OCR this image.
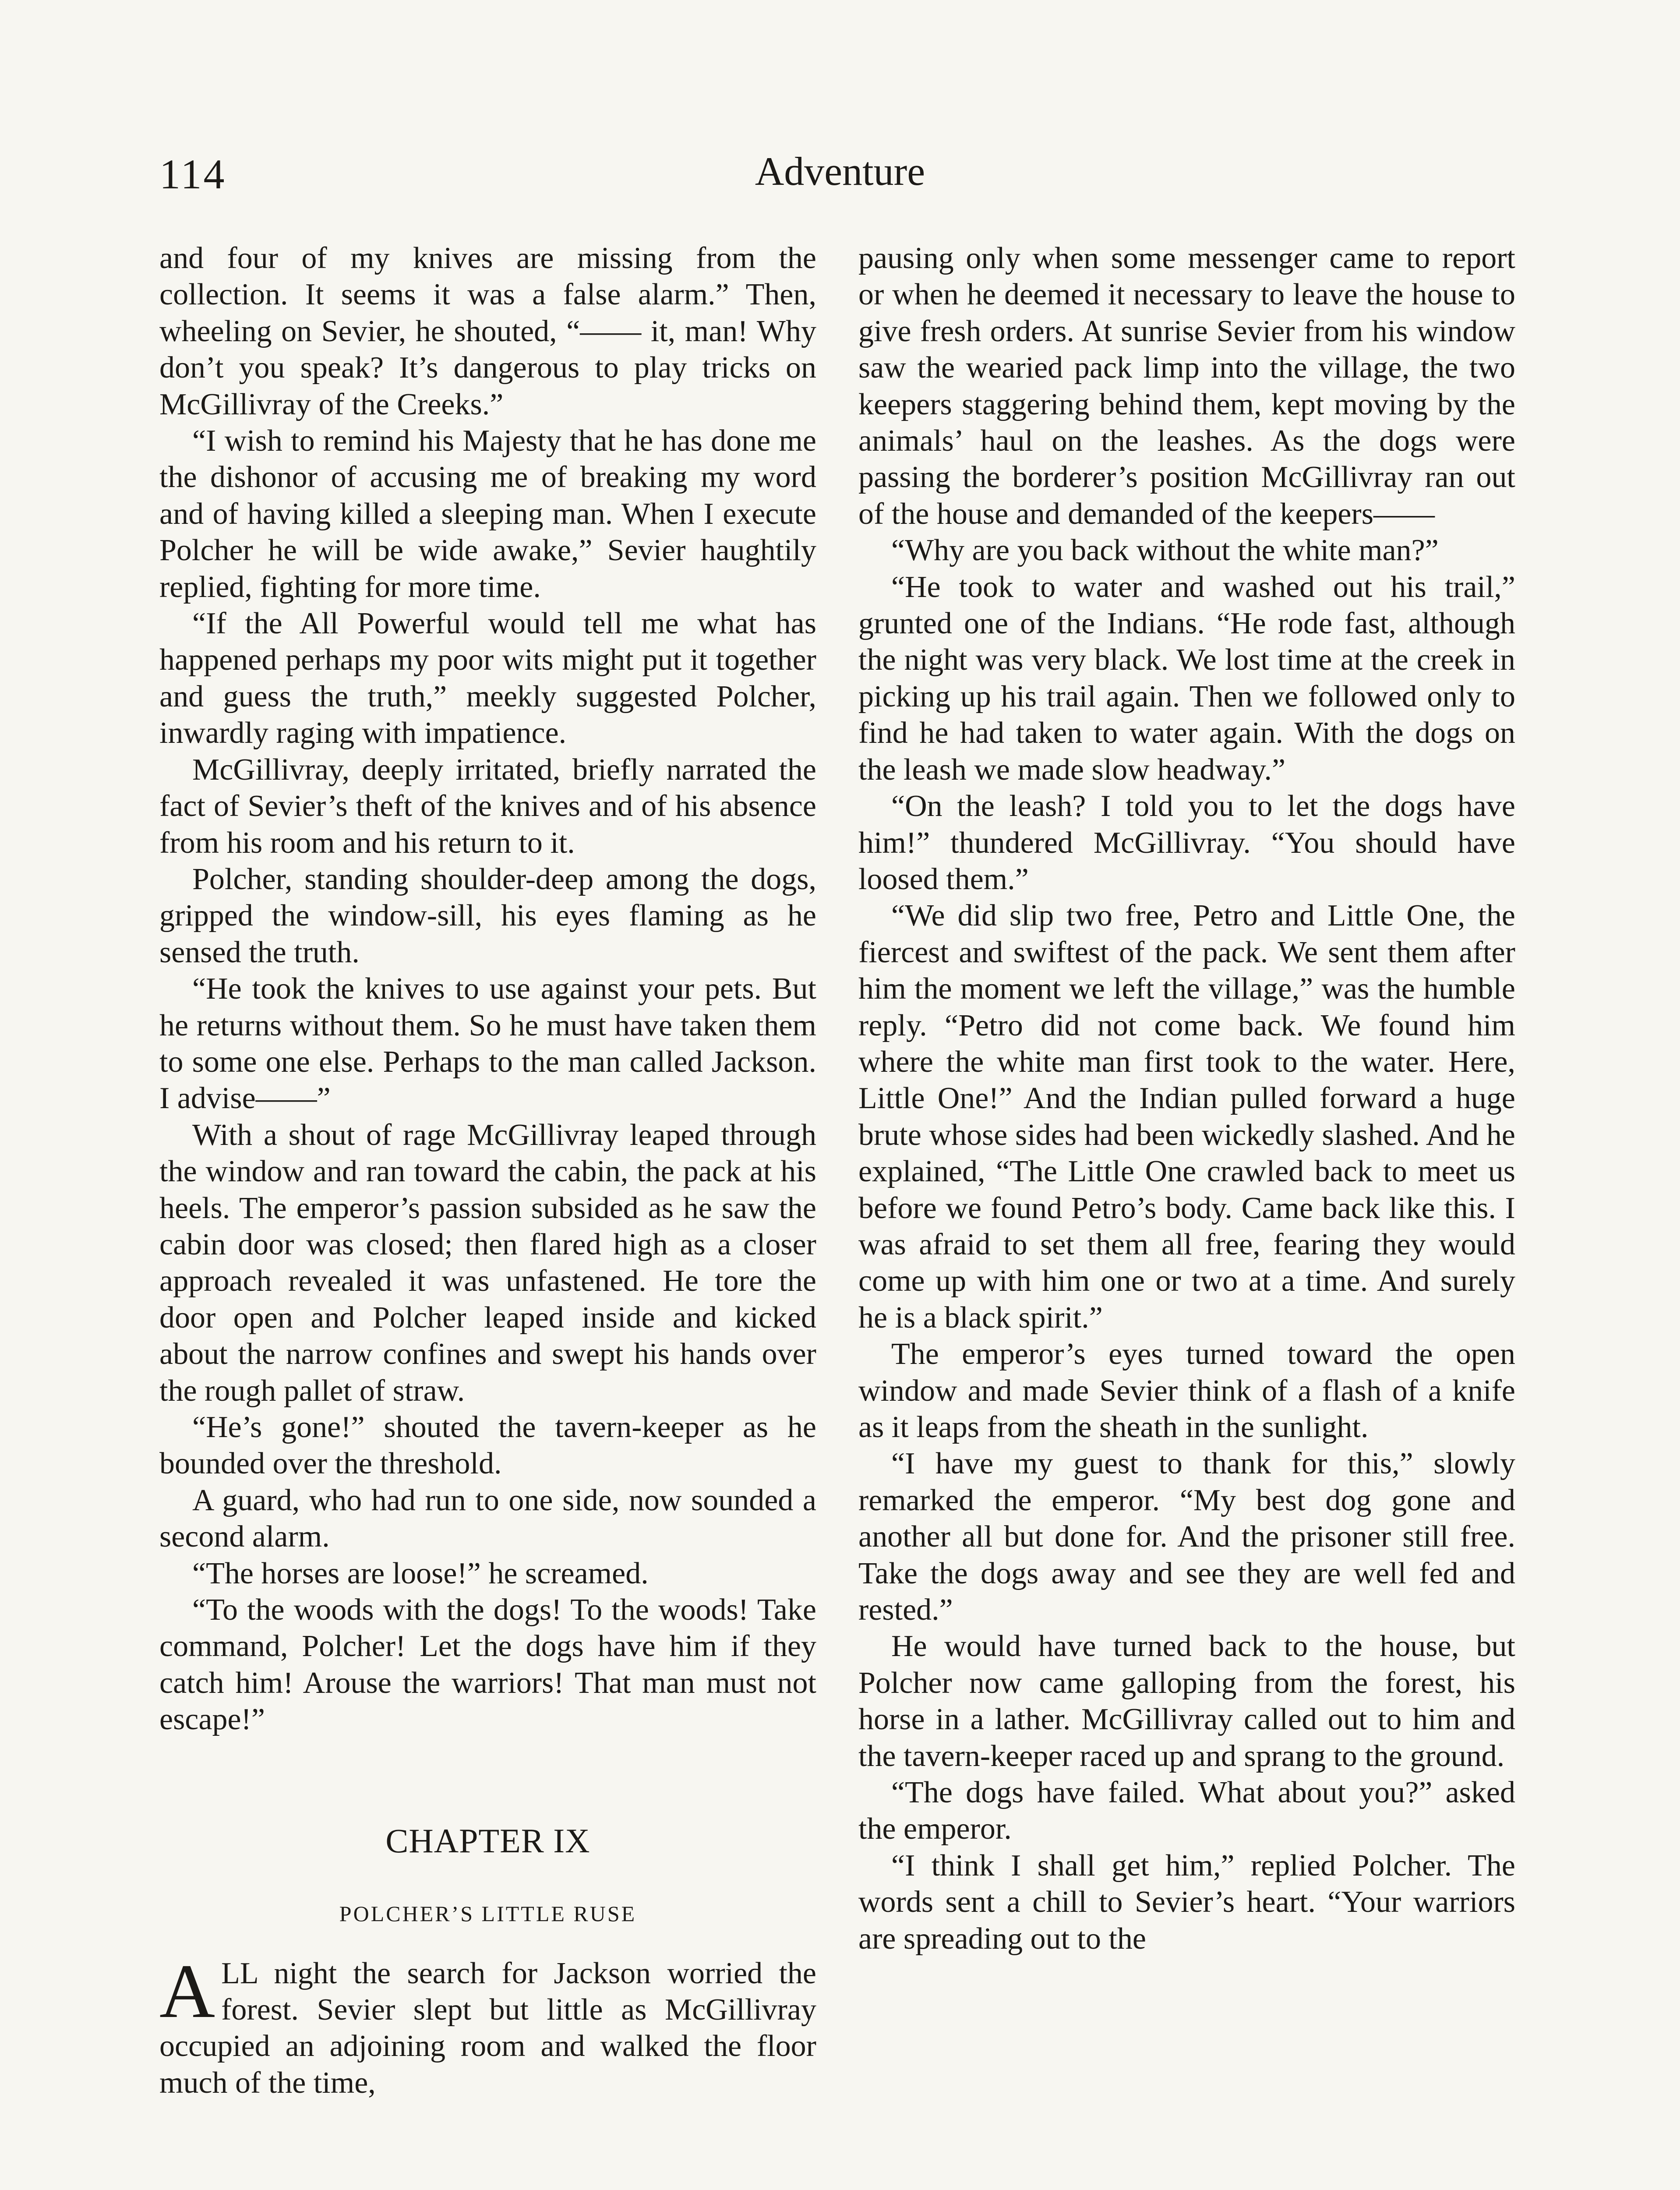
114	Adventure

and four of my knives are missing from the collection. It seems it was a false alarm.” Then, wheeling on Sevier, he shouted, “—— it, man! Why don’t you speak? It’s dangerous to play tricks on McGillivray of the Creeks.”

“I wish to remind his Majesty that he has done me the dishonor of accusing me of breaking my word and of having killed a sleeping man. When I execute Polcher he will be wide awake,” Sevier haughtily replied, fighting for more time.

“If the All Powerful would tell me what has happened perhaps my poor wits might put it together and guess the truth,” meekly suggested Polcher, inwardly raging with impatience.

McGillivray, deeply irritated, briefly narrated the fact of Sevier’s theft of the knives and of his absence from his room and his return to it.

Polcher, standing shoulder-deep among the dogs, gripped the window-sill, his eyes flaming as he sensed the truth.

“He took the knives to use against your pets. But he returns without them. So he must have taken them to some one else. Perhaps to the man called Jackson. I advise——”

With a shout of rage McGillivray leaped through the window and ran toward the cabin, the pack at his heels. The emperor’s passion subsided as he saw the cabin door was closed; then flared high as a closer approach revealed it was unfastened. He tore the door open and Polcher leaped inside and kicked about the narrow confines and swept his hands over the rough pallet of straw.

“He’s gone!” shouted the tavern-keeper as he bounded over the threshold.

A guard, who had run to one side, now sounded a second alarm.

“The horses are loose!” he screamed.

“To the woods with the dogs! To the woods! Take command, Polcher! Let the dogs have him if they catch him! Arouse the warriors! That man must not escape!”

CHAPTER IX
POLCHER’S LITTLE RUSE

ALL night the search for Jackson worried the forest. Sevier slept but little as McGillivray occupied an adjoining room and walked the floor much of the time,

pausing only when some messenger came to report or when he deemed it necessary to leave the house to give fresh orders. At sunrise Sevier from his window saw the wearied pack limp into the village, the two keepers staggering behind them, kept moving by the animals’ haul on the leashes. As the dogs were passing the borderer’s position McGillivray ran out of the house and demanded of the keepers——

“Why are you back without the white man?”

“He took to water and washed out his trail,” grunted one of the Indians. “He rode fast, although the night was very black. We lost time at the creek in picking up his trail again. Then we followed only to find he had taken to water again. With the dogs on the leash we made slow headway.”

“On the leash? I told you to let the dogs have him!” thundered McGillivray. “You should have loosed them.”

“We did slip two free, Petro and Little One, the fiercest and swiftest of the pack. We sent them after him the moment we left the village,” was the humble reply. “Petro did not come back. We found him where the white man first took to the water. Here, Little One!” And the Indian pulled forward a huge brute whose sides had been wickedly slashed. And he explained, “The Little One crawled back to meet us before we found Petro’s body. Came back like this. I was afraid to set them all free, fearing they would come up with him one or two at a time. And surely he is a black spirit.”

The emperor’s eyes turned toward the open window and made Sevier think of a flash of a knife as it leaps from the sheath in the sunlight.

“I have my guest to thank for this,” slowly remarked the emperor. “My best dog gone and another all but done for. And the prisoner still free. Take the dogs away and see they are well fed and rested.”

He would have turned back to the house, but Polcher now came galloping from the forest, his horse in a lather. McGillivray called out to him and the tavern-keeper raced up and sprang to the ground.

“The dogs have failed. What about you?” asked the emperor.

“I think I shall get him,” replied Polcher. The words sent a chill to Sevier’s heart. “Your warriors are spreading out to the
